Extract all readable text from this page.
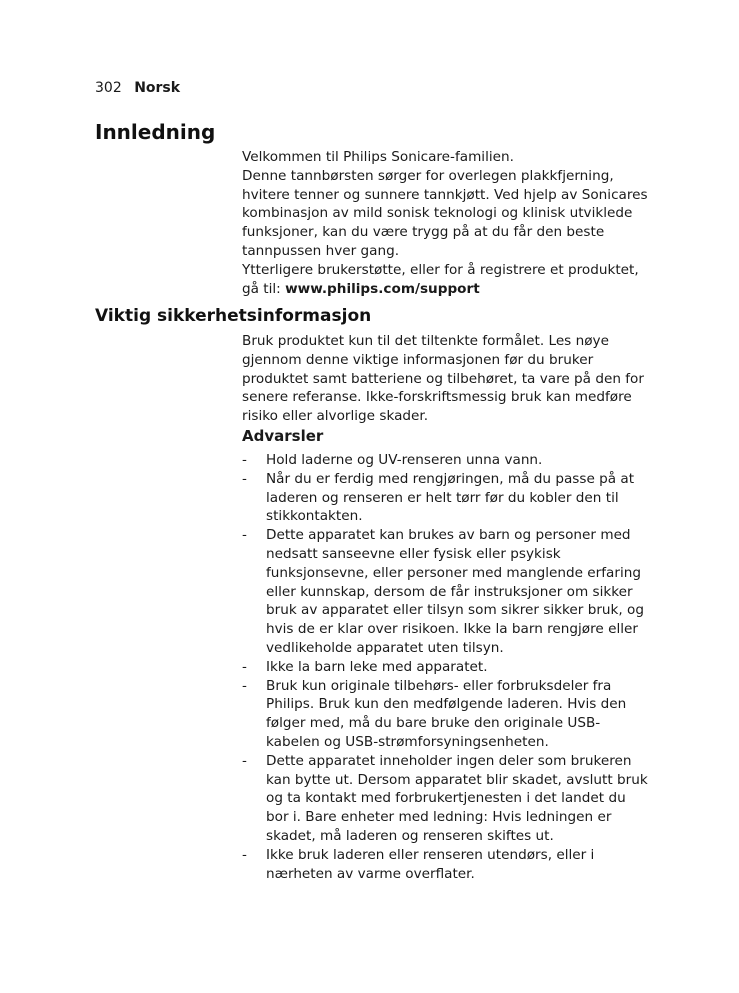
302 Norsk
Innledning

Velkommen til Philips Sonicare-familien.

Denne tannbørsten sørger for overlegen plakkfjerning, hvitere tenner og sunnere tannkjøtt. Ved hjelp av Sonicares kombinasjon av mild sonisk teknologi og klinisk utviklede funksjoner, kan du være trygg på at du får den beste tannpussen hver gang.

Ytterligere brukerstøtte, eller for å registrere et produktet, gå til: www.philips.com/support

Viktig sikkerhetsinformasjon

Bruk produktet kun til det tiltenkte formålet. Les nøye gjennom denne viktige informasjonen før du bruker produktet samt batteriene og tilbehøret, ta vare på den for senere referanse. Ikke-forskriftsmessig bruk kan medføre risiko eller alvorlige skader.

Advarsler
- Hold laderne og UV-renseren unna vann.
- Når du er ferdig med rengjøringen, må du passe på at laderen og renseren er helt tørr før du kobler den til stikkontakten.
- Dette apparatet kan brukes av barn og personer med nedsatt sanseevne eller fysisk eller psykisk funksjonsevne, eller personer med manglende erfaring eller kunnskap, dersom de får instruksjoner om sikker bruk av apparatet eller tilsyn som sikrer sikker bruk, og hvis de er klar over risikoen. Ikke la barn rengjøre eller vedlikeholde apparatet uten tilsyn.
- Ikke la barn leke med apparatet.
- Bruk kun originale tilbehørs- eller forbruksdeler fra Philips. Bruk kun den medfølgende laderen. Hvis den følger med, må du bare bruke den originale USB-kabelen og USB-strømforsyningsenheten.
- Dette apparatet inneholder ingen deler som brukeren kan bytte ut. Dersom apparatet blir skadet, avslutt bruk og ta kontakt med forbrukertjenesten i det landet du bor i. Bare enheter med ledning: Hvis ledningen er skadet, må laderen og renseren skiftes ut.
- Ikke bruk laderen eller renseren utendørs, eller i nærheten av varme overflater.
